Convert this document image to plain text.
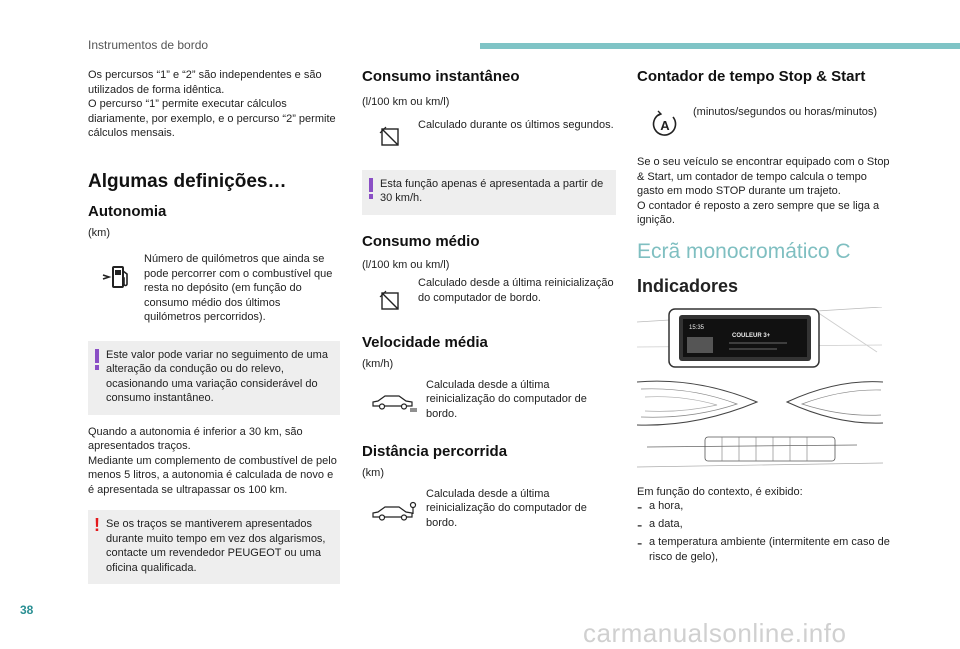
Instrumentos de bordo

Os percursos “1” e “2” são independentes e são utilizados de forma idêntica.

O percurso “1” permite executar cálculos diariamente, por exemplo, e o percurso “2” permite cálculos mensais.

Algumas definições…
Autonomia

(km)

Número de quilómetros que ainda se pode percorrer com o combustível que resta no depósito (em função do consumo médio dos últimos quilómetros percorridos).
Este valor pode variar no seguimento de uma alteração da condução ou do relevo, ocasionando uma variação considerável do consumo instantâneo.

Quando a autonomia é inferior a 30 km, são apresentados traços.

Mediante um complemento de combustível de pelo menos 5 litros, a autonomia é calculada de novo e é apresentada se ultrapassar os 100 km.

! Se os traços se mantiverem apresentados durante muito tempo em vez dos algarismos, contacte um revendedor PEUGEOT ou uma oficina qualificada.
Consumo instantâneo

(l/100 km ou km/l)

Calculado durante os últimos segundos.
Esta função apenas é apresentada a partir de 30 km/h.
Consumo médio

(l/100 km ou km/l)

Calculado desde a última reinicialização do computador de bordo.
Velocidade média

(km/h)

Calculada desde a última reinicialização do computador de bordo.
Distância percorrida

(km)

Calculada desde a última reinicialização do computador de bordo.
Contador de tempo Stop & Start
A
(minutos/segundos ou horas/minutos)

Se o seu veículo se encontrar equipado com o Stop & Start, um contador de tempo calcula o tempo gasto em modo STOP durante um trajeto.

O contador é reposto a zero sempre que se liga a ignição.

Ecrã monocromático C
Indicadores
15:35
COULEUR 3+

Em função do contexto, é exibido:

- a hora,

- a data,

- a temperatura ambiente (intermitente em caso de risco de gelo),

38
carmanualsonline.info
